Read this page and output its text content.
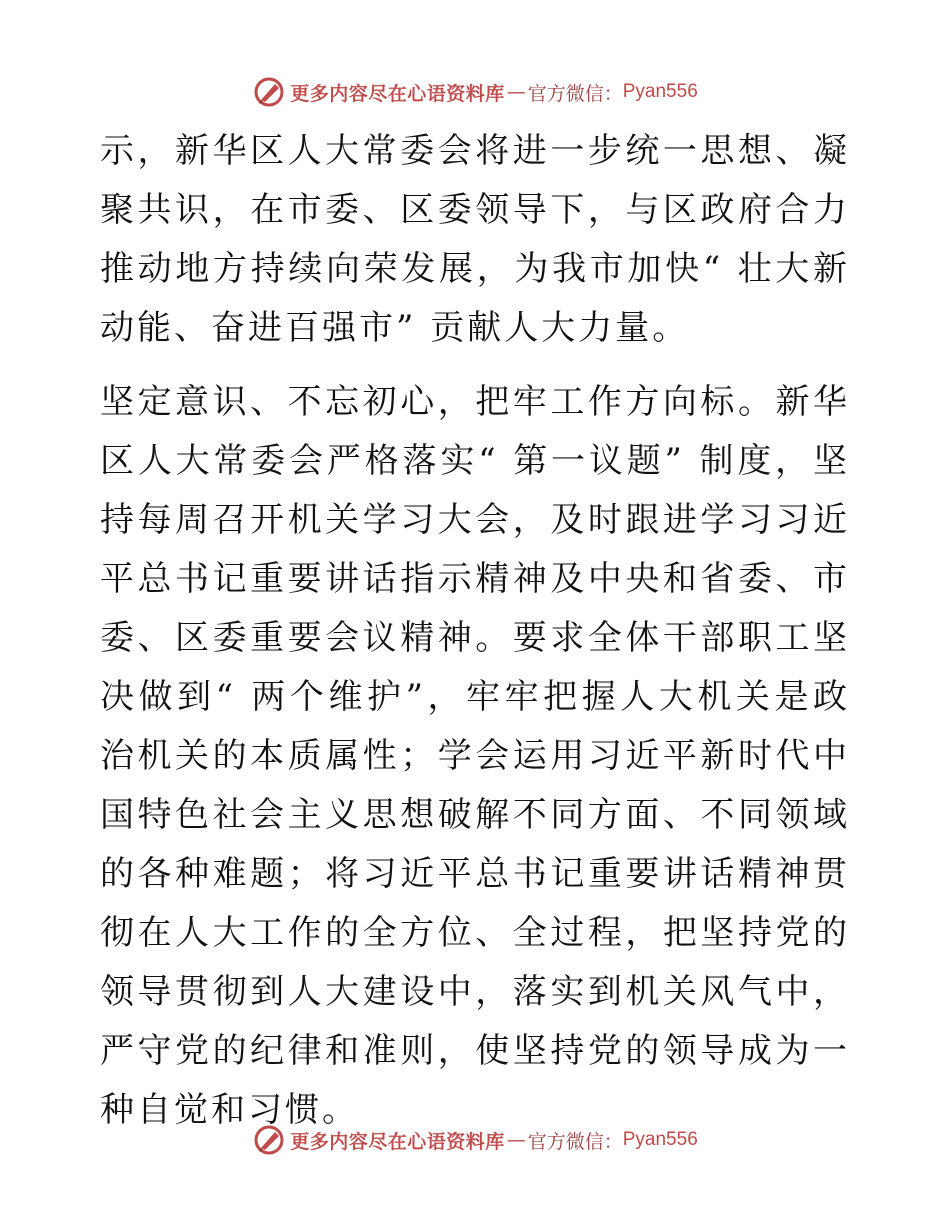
更多内容尽在心语资料库 — 官方微信： Pyan556

示，新华区人大常委会将进一步统一思想、凝聚共识，在市委、区委领导下，与区政府合力推动地方持续向荣发展，为我市加快“ 壮大新动能、奋进百强市” 贡献人大力量。

坚定意识、不忘初心，把牢工作方向标。新华区人大常委会严格落实“ 第一议题” 制度，坚持每周召开机关学习大会，及时跟进学习习近平总书记重要讲话指示精神及中央和省委、市委、区委重要会议精神。要求全体干部职工坚决做到“ 两个维护”，牢牢把握人大机关是政治机关的本质属性；学会运用习近平新时代中国特色社会主义思想破解不同方面、不同领域的各种难题；将习近平总书记重要讲话精神贯彻在人大工作的全方位、全过程，把坚持党的领导贯彻到人大建设中，落实到机关风气中，严守党的纪律和准则，使坚持党的领导成为一种自觉和习惯。

更多内容尽在心语资料库 — 官方微信： Pyan556
